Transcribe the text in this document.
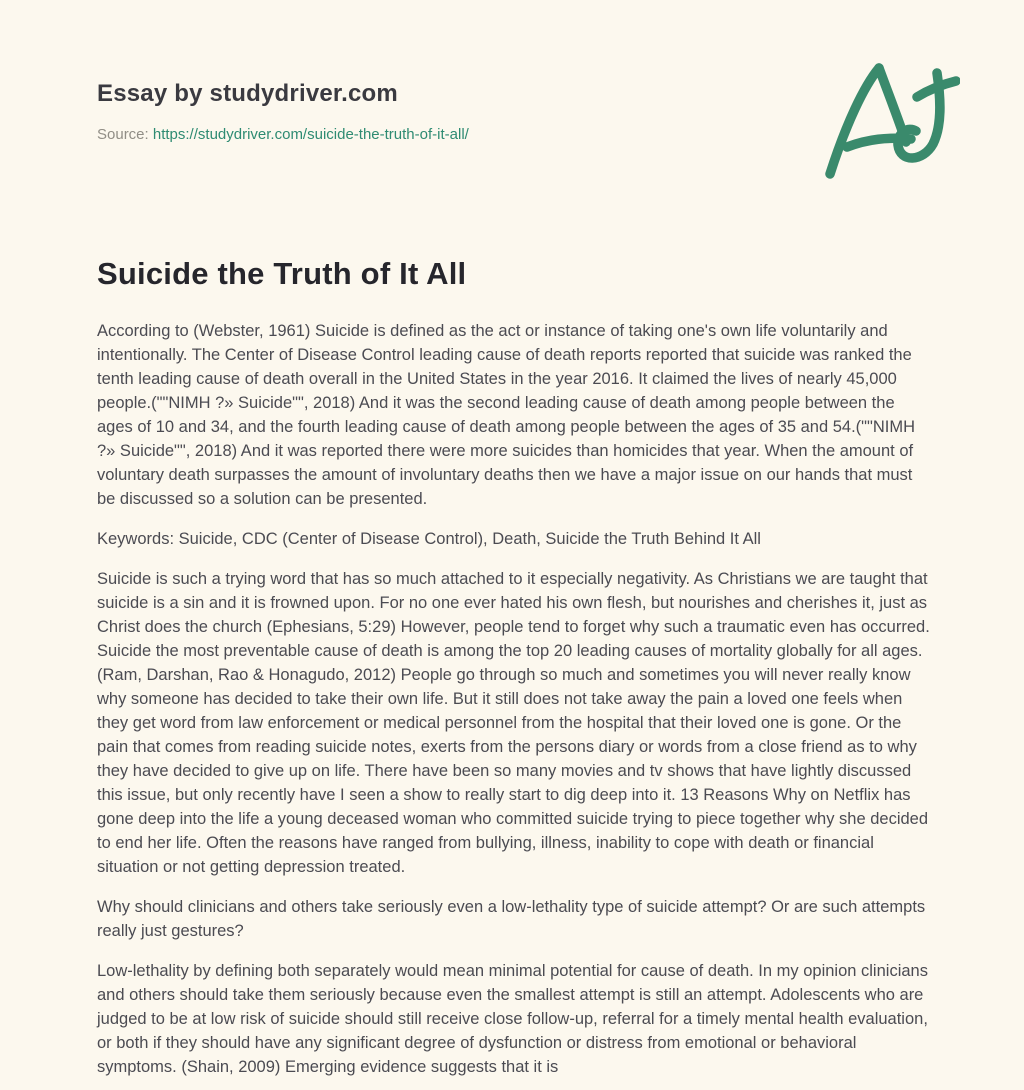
Essay by studydriver.com

Source: https://studydriver.com/suicide-the-truth-of-it-all/

Suicide the Truth of It All

According to (Webster, 1961) Suicide is defined as the act or instance of taking one's own life voluntarily and intentionally. The Center of Disease Control leading cause of death reports reported that suicide was ranked the tenth leading cause of death overall in the United States in the year 2016. It claimed the lives of nearly 45,000 people.(""NIMH ?» Suicide"", 2018) And it was the second leading cause of death among people between the ages of 10 and 34, and the fourth leading cause of death among people between the ages of 35 and 54.(""NIMH ?» Suicide"", 2018) And it was reported there were more suicides than homicides that year. When the amount of voluntary death surpasses the amount of involuntary deaths then we have a major issue on our hands that must be discussed so a solution can be presented.

Keywords: Suicide, CDC (Center of Disease Control), Death, Suicide the Truth Behind It All

Suicide is such a trying word that has so much attached to it especially negativity. As Christians we are taught that suicide is a sin and it is frowned upon. For no one ever hated his own flesh, but nourishes and cherishes it, just as Christ does the church (Ephesians, 5:29) However, people tend to forget why such a traumatic even has occurred. Suicide the most preventable cause of death is among the top 20 leading causes of mortality globally for all ages. (Ram, Darshan, Rao & Honagudo, 2012) People go through so much and sometimes you will never really know why someone has decided to take their own life. But it still does not take away the pain a loved one feels when they get word from law enforcement or medical personnel from the hospital that their loved one is gone. Or the pain that comes from reading suicide notes, exerts from the persons diary or words from a close friend as to why they have decided to give up on life. There have been so many movies and tv shows that have lightly discussed this issue, but only recently have I seen a show to really start to dig deep into it. 13 Reasons Why on Netflix has gone deep into the life a young deceased woman who committed suicide trying to piece together why she decided to end her life. Often the reasons have ranged from bullying, illness, inability to cope with death or financial situation or not getting depression treated.

Why should clinicians and others take seriously even a low-lethality type of suicide attempt? Or are such attempts really just gestures?

Low-lethality by defining both separately would mean minimal potential for cause of death. In my opinion clinicians and others should take them seriously because even the smallest attempt is still an attempt. Adolescents who are judged to be at low risk of suicide should still receive close follow-up, referral for a timely mental health evaluation, or both if they should have any significant degree of dysfunction or distress from emotional or behavioral symptoms. (Shain, 2009) Emerging evidence suggests that it is
